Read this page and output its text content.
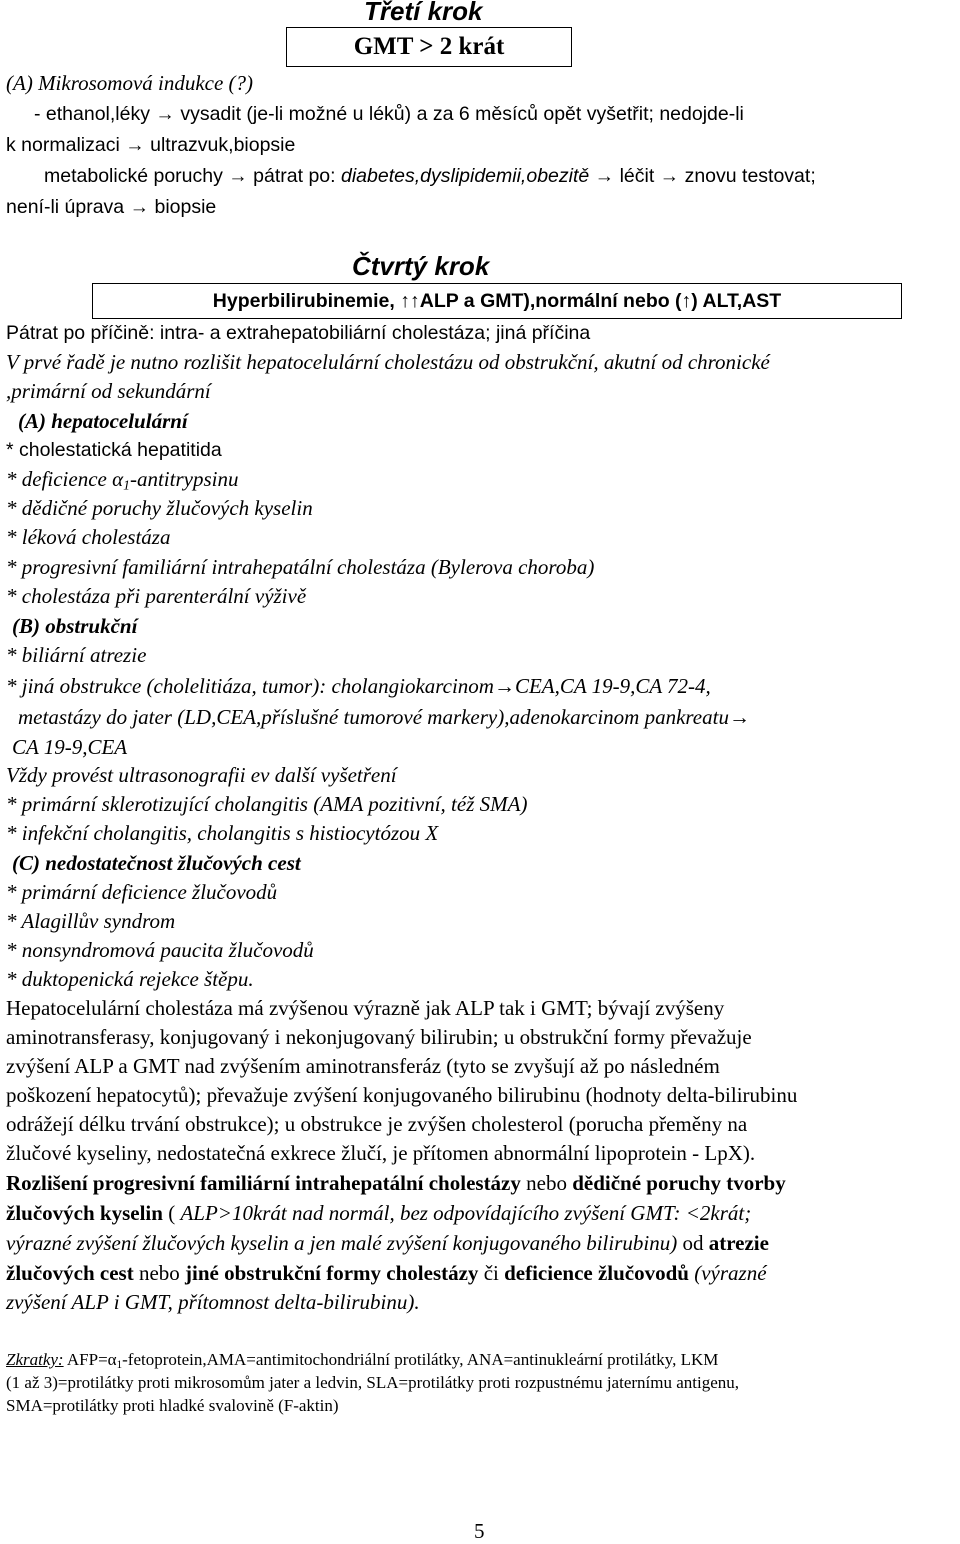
Třetí krok
GMT > 2 krát
(A) Mikrosomová indukce (?)
- ethanol,léky → vysadit (je-li možné u léků) a za 6 měsíců opět vyšetřit; nedojde-li
k normalizaci → ultrazvuk,biopsie
metabolické poruchy → pátrat po: diabetes,dyslipidemii,obezitě → léčit → znovu testovat;
není-li úprava → biopsie
Čtvrtý krok
Hyperbilirubinemie, ↑↑ALP a GMT),normální nebo (↑) ALT,AST
Pátrat po příčině: intra- a extrahepatobiliární cholestáza; jiná příčina
V prvé řadě je nutno rozlišit hepatocelulární cholestázu od obstrukční, akutní od chronické
,primární od sekundární
(A) hepatocelulární
* cholestatická hepatitida
* deficience $\alpha_1$-antitrypsinu
* dědičné poruchy žlučových kyselin
* léková cholestáza
* progresivní familiární intrahepatální cholestáza (Bylerova choroba)
* cholestáza při parenterální výživě
(B) obstrukční
* biliární atrezie
* jiná obstrukce (cholelitiáza, tumor): cholangiokarcinom→CEA,CA 19-9,CA 72-4,
metastázy do jater (LD,CEA,příslušné tumorové markery),adenokarcinom pankreatu→
CA 19-9,CEA
Vždy provést ultrasonografii ev další vyšetření
* primární sklerotizující cholangitis (AMA pozitivní, též SMA)
* infekční cholangitis, cholangitis s histiocytózou X
(C) nedostatečnost žlučových cest
* primární deficience žlučovodů
* Alagillův syndrom
* nonsyndromová paucita žlučovodů
* duktopenická rejekce štěpu.
Hepatocelulární cholestáza má zvýšenou výrazně jak ALP tak i GMT; bývají zvýšeny
aminotransferasy, konjugovaný i nekonjugovaný bilirubin; u obstrukční formy převažuje
zvýšení ALP a GMT nad zvýšením aminotransferáz (tyto se zvyšují až po následném
poškození hepatocytů); převažuje zvýšení konjugovaného bilirubinu (hodnoty delta-bilirubinu
odrážejí délku trvání obstrukce); u obstrukce je zvýšen cholesterol (porucha přeměny na
žlučové kyseliny, nedostatečná exkrece žlučí, je přítomen abnormální lipoprotein - LpX).
Rozlišení progresivní familiární intrahepatální cholestázy nebo dědičné poruchy tvorby
žlučových kyselin ( ALP>10krát nad normál, bez odpovídajícího zvýšení GMT: <2krát;
výrazné zvýšení žlučových kyselin a jen malé zvýšení konjugovaného bilirubinu) od atrezie
žlučových cest nebo jiné obstrukční formy cholestázy či deficience žlučovodů (výrazné
zvýšení ALP i GMT, přítomnost delta-bilirubinu).
Zkratky: $AFP=\alpha_1-fetoprotein,AMA=antimitochondriá\ln í$ protilátky, ANA=antinukleární protilátky, LKM
(1 až 3)=protilátky proti mikrosomům jater a ledvin, SLA=protilátky proti rozpustnému jaternímu antigenu,
SMA=protilátky proti hladké svalovině (F-aktin)
5
